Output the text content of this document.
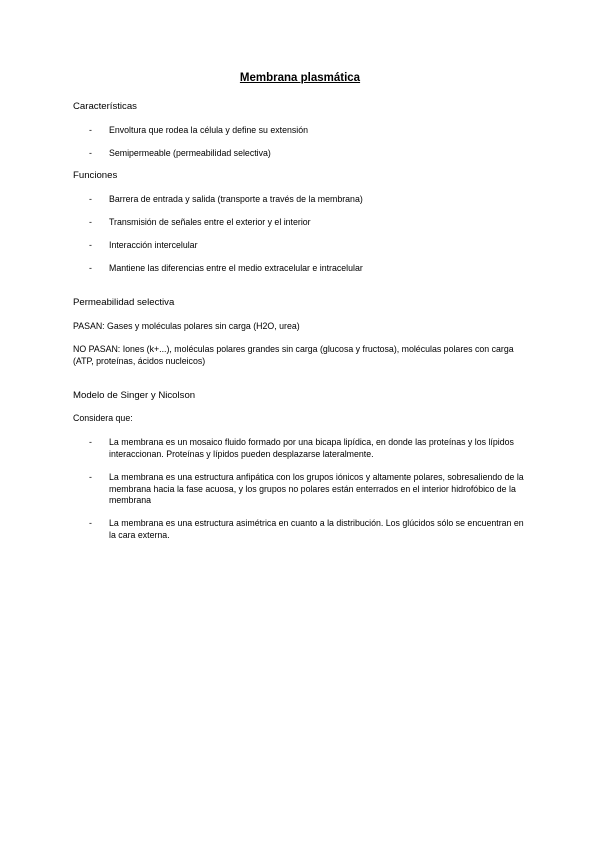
Membrana plasmática
Características
- Envoltura que rodea la célula y define su extensión
- Semipermeable (permeabilidad selectiva)
Funciones
- Barrera de entrada y salida (transporte a través de la membrana)
- Transmisión de señales entre el exterior y el interior
- Interacción intercelular
- Mantiene las diferencias entre el medio extracelular e intracelular
Permeabilidad selectiva
PASAN: Gases y moléculas polares sin carga (H2O, urea)
NO PASAN: Iones (k+...), moléculas polares grandes sin carga (glucosa y fructosa), moléculas polares con carga (ATP, proteínas, ácidos nucleicos)
Modelo de Singer y Nicolson
Considera que:
- La membrana es un mosaico fluido formado por una bicapa lipídica, en donde las proteínas y los lípidos interaccionan. Proteínas y lípidos pueden desplazarse lateralmente.
- La membrana es una estructura anfipática con los grupos iónicos y altamente polares, sobresaliendo de la membrana hacia la fase acuosa, y los grupos no polares están enterrados en el interior hidrofóbico de la membrana
- La membrana es una estructura asimétrica en cuanto a la distribución. Los glúcidos sólo se encuentran en la cara externa.
